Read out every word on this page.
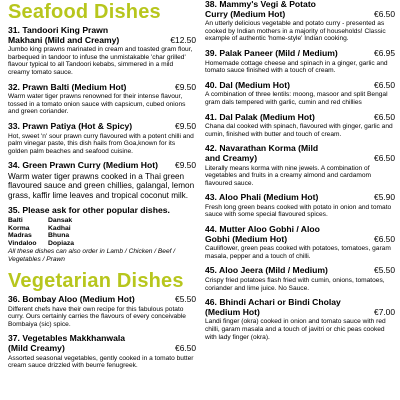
Seafood Dishes
31. Tandoori King Prawn Makhani (Mild and Creamy)	€12.50
Jumbo king prawns marinated in cream and toasted gram flour, barbequed in tandoor to infuse the unmistakable 'char grilled' flavour typical to all Tandoori kebabs, simmered in a mild creamy tomato sauce.
32. Prawn Balti (Medium Hot)	€9.50
Warm water tiger prawns renowned for their intense flavour, tossed in a tomato onion sauce with capsicum, cubed onions and green coriander.
33. Prawn Patiya (Hot & Spicy)	€9.50
Hot, sweet 'n' sour prawn curry flavoured with a potent chilli and palm vinegar paste, this dish hails from Goa,known for its golden palm beaches and seafood cuisine.
34. Green Prawn Curry (Medium Hot)	€9.50
Warm water tiger prawns cooked in a Thai green flavoured sauce and green chillies, galangal, lemon grass, kaffir lime leaves and tropical coconut milk.
35. Please ask for other popular dishes.
Balti	Dansak
Korma	Kadhai
Madras	Bhuna
Vindaloo	Dopiaza
All these dishes can also order in Lamb / Chicken / Beef / Vegetables / Prawn
Vegetarian Dishes
36. Bombay Aloo (Medium Hot)	€5.50
Different chefs have their own recipe for this fabulous potato curry. Ours certainly carries the flavours of every conceivable Bombaiya (sic) spice.
37. Vegetables Makkhanwala (Mild Creamy)	€6.50
Assorted seasonal vegetables, gently cooked in a tomato butter cream sauce drizzled with beurre fenugreek.
38. Mammy's Vegi & Potato Curry (Medium Hot)	€6.50
An utterly delicious vegetable and potato curry - presented as cooked by Indian mothers in a majority of households! Classic example of authentic 'home-style' Indian cooking.
39. Palak Paneer (Mild / Medium)	€6.95
Homemade cottage cheese and spinach in a ginger, garlic and tomato sauce finished with a touch of cream.
40. Dal (Medium Hot)	€6.50
A combination of three lentils: moong, masoor and split Bengal gram dals tempered with garlic, cumin and red chillies
41. Dal Palak (Medium Hot)	€6.50
Chana dal cooked with spinach, flavoured with ginger, garlic and cumin, finished with butter and touch of cream.
42. Navarathan Korma (Mild and Creamy)	€6.50
Literally means korma with nine jewels. A combination of vegetables and fruits in a creamy almond and cardamom flavoured sauce.
43. Aloo Phali (Medium Hot)	€5.90
Fresh long green beans cooked with potato in onion and tomato sauce with some special flavoured spices.
44. Mutter Aloo Gobhi / Aloo Gobhi (Medium Hot)	€6.50
Cauliflower, green peas cooked with potatoes, tomatoes, garam masala, pepper and a touch of chilli.
45. Aloo Jeera (Mild / Medium)	€5.50
Crispy fried potatoes flash fried with cumin, onions, tomatoes, coriander and lime juice. No Sauce.
46. Bhindi Achari or Bindi Cholay (Medium Hot)	€7.00
Landi finger (okra) cooked in onion and tomato sauce with red chilli, garam masala and a touch of javitri or chic peas cooked with lady finger (okra).
